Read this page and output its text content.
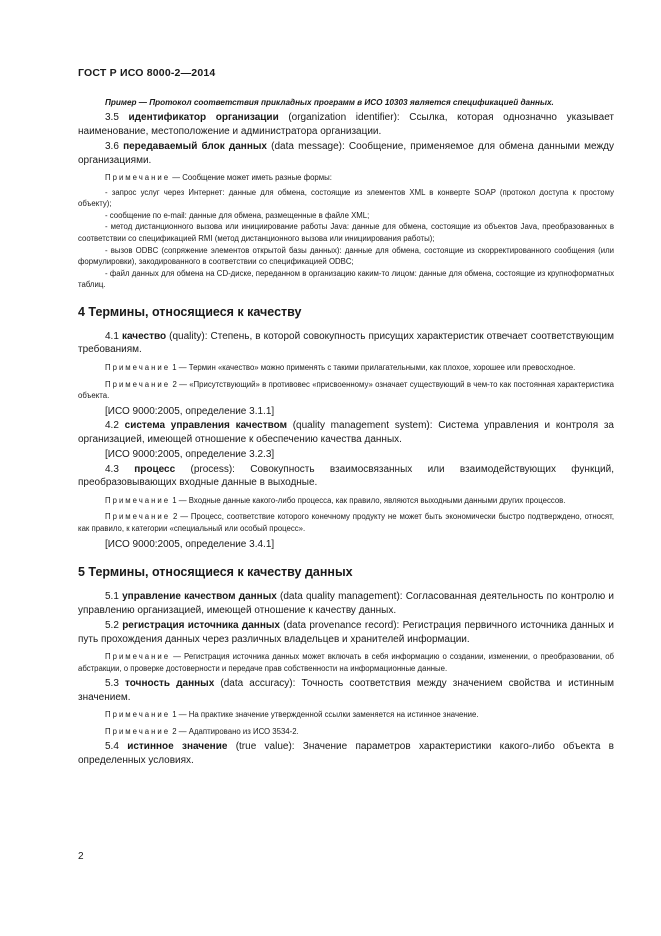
ГОСТ Р ИСО 8000-2—2014

Пример — Протокол соответствия прикладных программ в ИСО 10303 является спецификацией данных.

3.5 идентификатор организации (organization identifier): Ссылка, которая однозначно указывает наименование, местоположение и администратора организации.

3.6 передаваемый блок данных (data message): Сообщение, применяемое для обмена данными между организациями.

Примечание — Сообщение может иметь разные формы:

- запрос услуг через Интернет: данные для обмена, состоящие из элементов XML в конверте SOAP (протокол доступа к простому объекту);

- сообщение по e-mail: данные для обмена, размещенные в файле XML;

- метод дистанционного вызова или инициирование работы Java: данные для обмена, состоящие из объектов Java, преобразованных в соответствии со спецификацией RMI (метод дистанционного вызова или инициирования работы);

- вызов ODBC (сопряжение элементов открытой базы данных): данные для обмена, состоящие из скорректированного сообщения (или формулировки), закодированного в соответствии со спецификацией ODBC;

- файл данных для обмена на CD-диске, переданном в организацию каким-то лицом: данные для обмена, состоящие из крупноформатных таблиц.

4 Термины, относящиеся к качеству

4.1 качество (quality): Степень, в которой совокупность присущих характеристик отвечает соответствующим требованиям.

Примечание 1 — Термин «качество» можно применять с такими прилагательными, как плохое, хорошее или превосходное.

Примечание 2 — «Присутствующий» в противовес «присвоенному» означает существующий в чем-то как постоянная характеристика объекта.

[ИСО 9000:2005, определение 3.1.1]

4.2 система управления качеством (quality management system): Система управления и контроля за организацией, имеющей отношение к обеспечению качества данных.

[ИСО 9000:2005, определение 3.2.3]

4.3 процесс (process): Совокупность взаимосвязанных или взаимодействующих функций, преобразовывающих входные данные в выходные.

Примечание 1 — Входные данные какого-либо процесса, как правило, являются выходными данными других процессов.

Примечание 2 — Процесс, соответствие которого конечному продукту не может быть экономически быстро подтверждено, относят, как правило, к категории «специальный или особый процесс».

[ИСО 9000:2005, определение 3.4.1]

5 Термины, относящиеся к качеству данных

5.1 управление качеством данных (data quality management): Согласованная деятельность по контролю и управлению организацией, имеющей отношение к качеству данных.

5.2 регистрация источника данных (data provenance record): Регистрация первичного источника данных и путь прохождения данных через различных владельцев и хранителей информации.

Примечание — Регистрация источника данных может включать в себя информацию о создании, изменении, о преобразовании, об абстракции, о проверке достоверности и передаче прав собственности на информационные данные.

5.3 точность данных (data accuracy): Точность соответствия между значением свойства и истинным значением.

Примечание 1 — На практике значение утвержденной ссылки заменяется на истинное значение.

Примечание 2 — Адаптировано из ИСО 3534-2.

5.4 истинное значение (true value): Значение параметров характеристики какого-либо объекта в определенных условиях.

2
